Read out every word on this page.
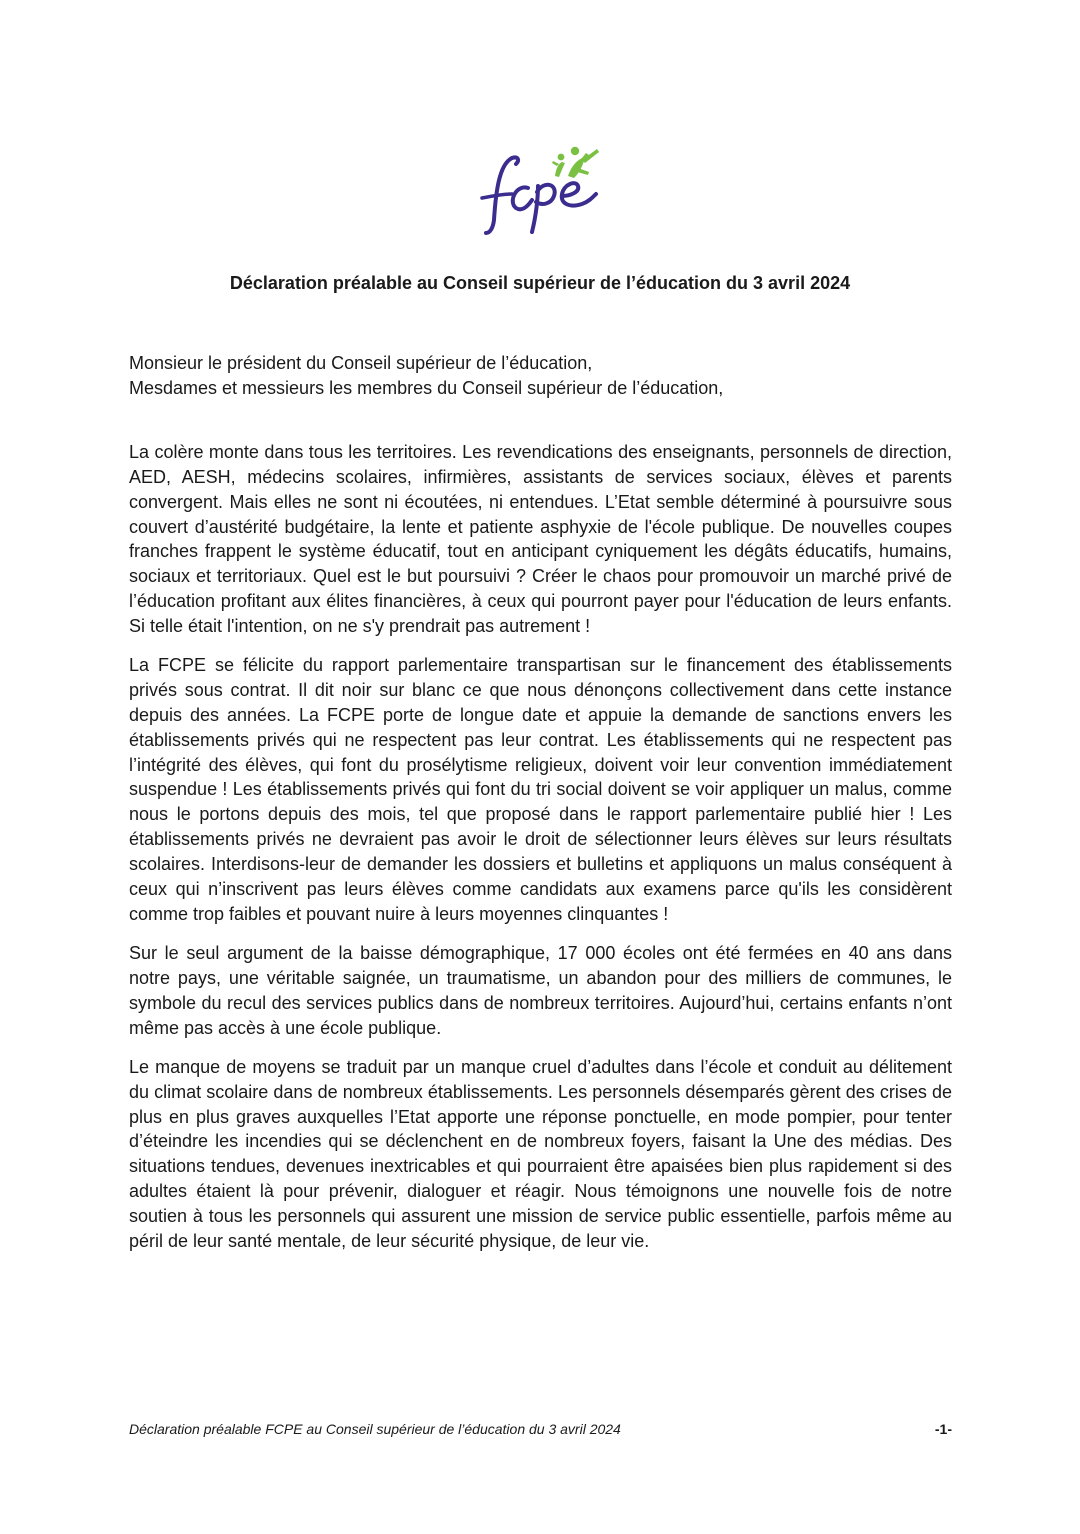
Déclaration préalable au Conseil supérieur de l’éducation du 3 avril 2024
Monsieur le président du Conseil supérieur de l’éducation,
Mesdames et messieurs les membres du Conseil supérieur de l’éducation,

La colère monte dans tous les territoires. Les revendications des enseignants, personnels de direction, AED, AESH, médecins scolaires, infirmières, assistants de services sociaux, élèves et parents convergent. Mais elles ne sont ni écoutées, ni entendues. L’Etat semble déterminé à poursuivre sous couvert d’austérité budgétaire, la lente et patiente asphyxie de l'école publique. De nouvelles coupes franches frappent le système éducatif, tout en anticipant cyniquement les dégâts éducatifs, humains, sociaux et territoriaux. Quel est le but poursuivi ? Créer le chaos pour promouvoir un marché privé de l’éducation profitant aux élites financières, à ceux qui pourront payer pour l'éducation de leurs enfants. Si telle était l'intention, on ne s'y prendrait pas autrement !

La FCPE se félicite du rapport parlementaire transpartisan sur le financement des établissements privés sous contrat. Il dit noir sur blanc ce que nous dénonçons collectivement dans cette instance depuis des années. La FCPE porte de longue date et appuie la demande de sanctions envers les établissements privés qui ne respectent pas leur contrat. Les établissements qui ne respectent pas l’intégrité des élèves, qui font du prosélytisme religieux, doivent voir leur convention immédiatement suspendue ! Les établissements privés qui font du tri social doivent se voir appliquer un malus, comme nous le portons depuis des mois, tel que proposé dans le rapport parlementaire publié hier ! Les établissements privés ne devraient pas avoir le droit de sélectionner leurs élèves sur leurs résultats scolaires. Interdisons-leur de demander les dossiers et bulletins et appliquons un malus conséquent à ceux qui n’inscrivent pas leurs élèves comme candidats aux examens parce qu'ils les considèrent comme trop faibles et pouvant nuire à leurs moyennes clinquantes !

Sur le seul argument de la baisse démographique, 17 000 écoles ont été fermées en 40 ans dans notre pays, une véritable saignée, un traumatisme, un abandon pour des milliers de communes, le symbole du recul des services publics dans de nombreux territoires. Aujourd’hui, certains enfants n’ont même pas accès à une école publique.

Le manque de moyens se traduit par un manque cruel d’adultes dans l’école et conduit au délitement du climat scolaire dans de nombreux établissements. Les personnels désemparés gèrent des crises de plus en plus graves auxquelles l’Etat apporte une réponse ponctuelle, en mode pompier, pour tenter d’éteindre les incendies qui se déclenchent en de nombreux foyers, faisant la Une des médias. Des situations tendues, devenues inextricables et qui pourraient être apaisées bien plus rapidement si des adultes étaient là pour prévenir, dialoguer et réagir. Nous témoignons une nouvelle fois de notre soutien à tous les personnels qui assurent une mission de service public essentielle, parfois même au péril de leur santé mentale, de leur sécurité physique, de leur vie.

Déclaration préalable FCPE au Conseil supérieur de l’éducation du 3 avril 2024	-1-
